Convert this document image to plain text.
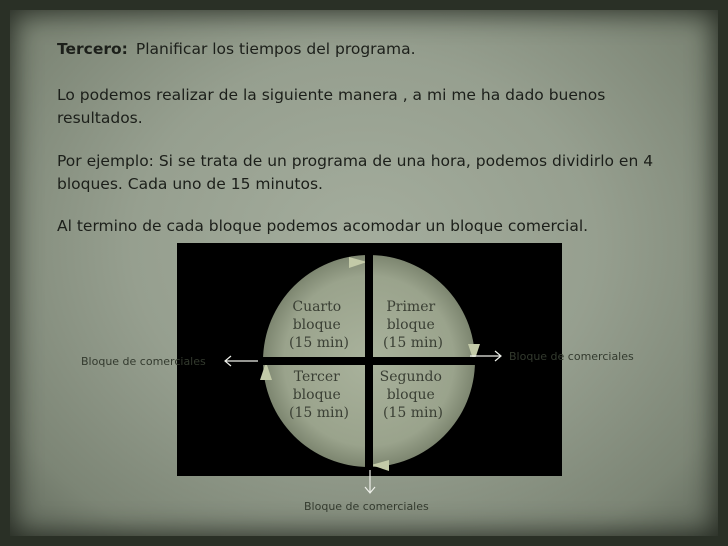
Tercero: Planificar los tiempos del programa.
Lo podemos realizar de la siguiente manera , a mi me ha dado buenos resultados.
Por ejemplo: Si se trata de un programa de una hora, podemos dividirlo en 4 bloques. Cada uno de 15 minutos.
Al termino de cada bloque podemos acomodar un bloque comercial.
Cuarto bloque (15 min)
Primer bloque (15 min)
Tercer bloque (15 min)
Segundo bloque (15 min)
Bloque de comerciales	Bloque de comerciales
Bloque de comerciales
